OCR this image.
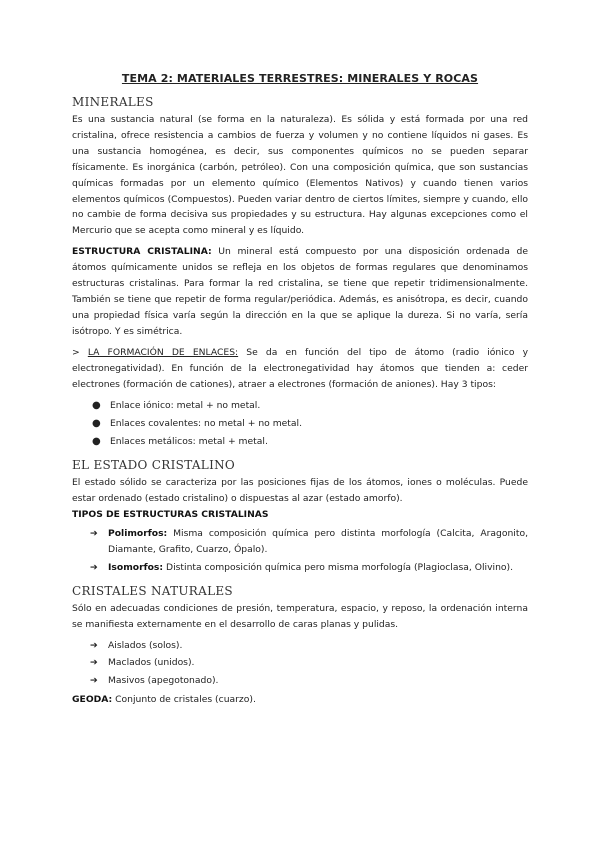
TEMA 2: MATERIALES TERRESTRES: MINERALES Y ROCAS
MINERALES

Es una sustancia natural (se forma en la naturaleza). Es sólida y está formada por una red cristalina, ofrece resistencia a cambios de fuerza y volumen y no contiene líquidos ni gases. Es una sustancia homogénea, es decir, sus componentes químicos no se pueden separar físicamente. Es inorgánica (carbón, petróleo). Con una composición química, que son sustancias químicas formadas por un elemento químico (Elementos Nativos) y cuando tienen varios elementos químicos (Compuestos). Pueden variar dentro de ciertos límites, siempre y cuando, ello no cambie de forma decisiva sus propiedades y su estructura. Hay algunas excepciones como el Mercurio que se acepta como mineral y es líquido.

ESTRUCTURA CRISTALINA: Un mineral está compuesto por una disposición ordenada de átomos químicamente unidos se refleja en los objetos de formas regulares que denominamos estructuras cristalinas. Para formar la red cristalina, se tiene que repetir tridimensionalmente. También se tiene que repetir de forma regular/periódica. Además, es anisótropa, es decir, cuando una propiedad física varía según la dirección en la que se aplique la dureza. Si no varía, sería isótropo. Y es simétrica.

> LA FORMACIÓN DE ENLACES: Se da en función del tipo de átomo (radio iónico y electronegatividad). En función de la electronegatividad hay átomos que tienden a: ceder electrones (formación de cationes), atraer a electrones (formación de aniones). Hay 3 tipos:

● Enlace iónico: metal + no metal.
● Enlaces covalentes: no metal + no metal.
● Enlaces metálicos: metal + metal.
EL ESTADO CRISTALINO

El estado sólido se caracteriza por las posiciones fijas de los átomos, iones o moléculas. Puede estar ordenado (estado cristalino) o dispuestas al azar (estado amorfo).

TIPOS DE ESTRUCTURAS CRISTALINAS
➔ Polimorfos: Misma composición química pero distinta morfología (Calcita, Aragonito, Diamante, Grafito, Cuarzo, Ópalo).
➔ Isomorfos: Distinta composición química pero misma morfología (Plagioclasa, Olivino).
CRISTALES NATURALES

Sólo en adecuadas condiciones de presión, temperatura, espacio, y reposo, la ordenación interna se manifiesta externamente en el desarrollo de caras planas y pulidas.

➔ Aislados (solos).
➔ Maclados (unidos).
➔ Masivos (apegotonado).

GEODA: Conjunto de cristales (cuarzo).
